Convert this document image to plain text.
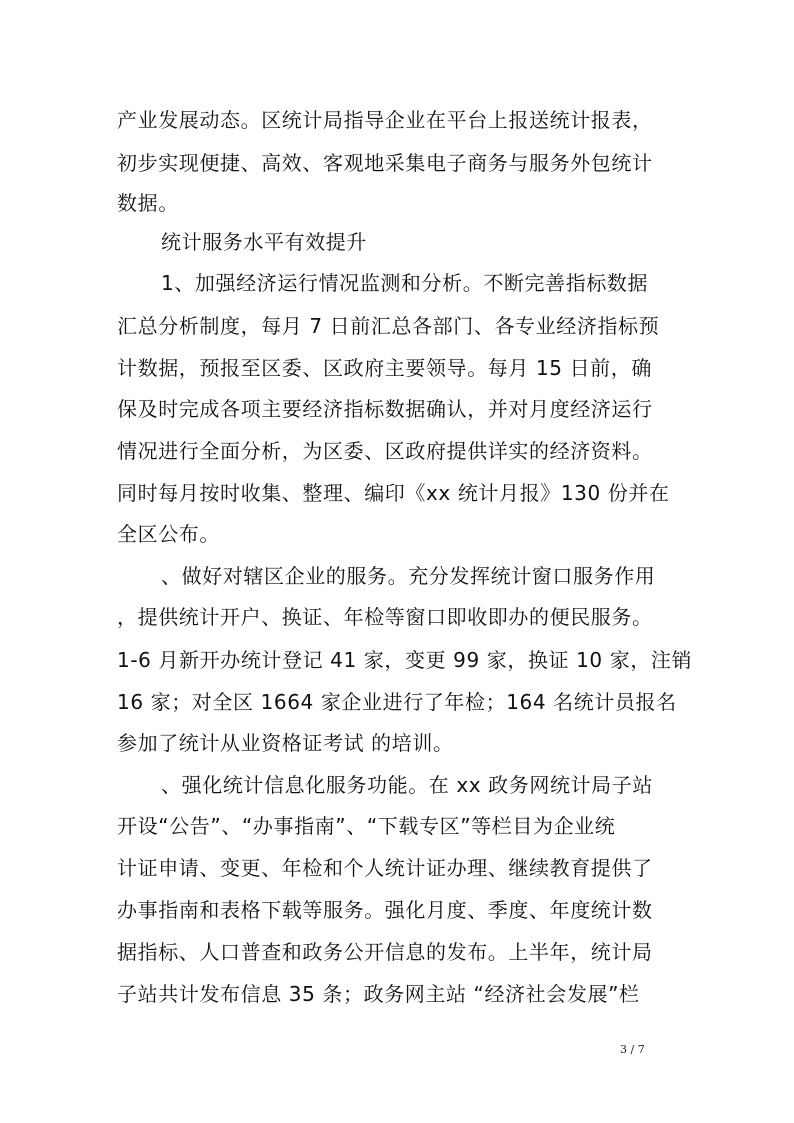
产业发展动态。区统计局指导企业在平台上报送统计报表，
初步实现便捷、高效、客观地采集电子商务与服务外包统计
数据。
统计服务水平有效提升
1、加强经济运行情况监测和分析。不断完善指标数据
汇总分析制度，每月 7 日前汇总各部门、各专业经济指标预
计数据，预报至区委、区政府主要领导。每月 15 日前，确
保及时完成各项主要经济指标数据确认，并对月度经济运行
情况进行全面分析，为区委、区政府提供详实的经济资料。
同时每月按时收集、整理、编印《xx 统计月报》130 份并在
全区公布。
、做好对辖区企业的服务。充分发挥统计窗口服务作用
，提供统计开户、换证、年检等窗口即收即办的便民服务。
1-6 月新开办统计登记 41 家，变更 99 家，换证 10 家，注销
16 家；对全区 1664 家企业进行了年检；164 名统计员报名
参加了统计从业资格证考试 的培训。
、强化统计信息化服务功能。在 xx 政务网统计局子站
开设“公告”、“办事指南”、“下载专区”等栏目为企业统
计证申请、变更、年检和个人统计证办理、继续教育提供了
办事指南和表格下载等服务。强化月度、季度、年度统计数
据指标、人口普查和政务公开信息的发布。上半年，统计局
子站共计发布信息 35 条；政务网主站 “经济社会发展”栏
3 / 7
